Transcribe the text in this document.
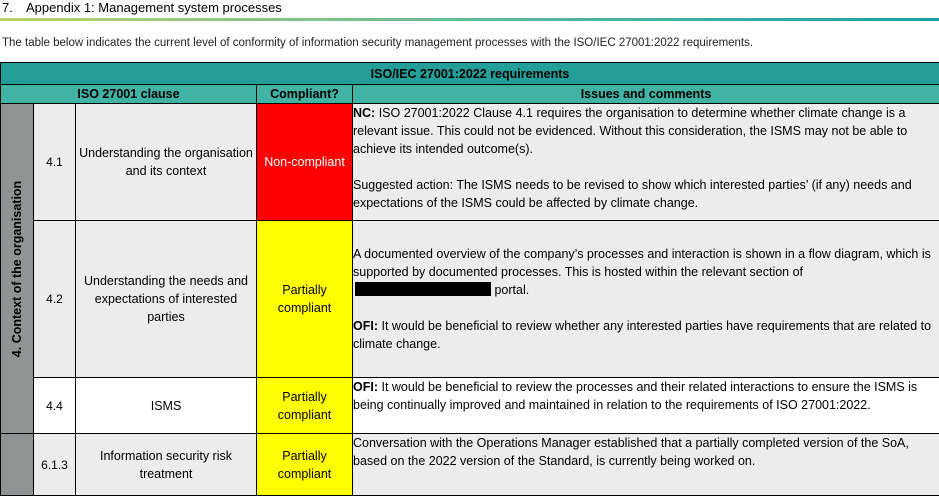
7. Appendix 1: Management system processes
The table below indicates the current level of conformity of information security management processes with the ISO/IEC 27001:2022 requirements.
ISO/IEC 27001:2022 requirements				
ISO 27001 clause			Compliant?	Issues and comments

4. Context of the organisation	4.1	Understanding the organisation and its context	Non-compliant	NC: ISO 27001:2022 Clause 4.1 requires the organisation to determine whether climate change is a relevant issue. This could not be evidenced. Without this consideration, the ISMS may not be able to achieve its intended outcome(s).

Suggested action: The ISMS needs to be revised to show which interested parties’ (if any) needs and expectations of the ISMS could be affected by climate change.

	4.2	Understanding the needs and expectations of interested parties	Partially compliant	A documented overview of the company’s processes and interaction is shown in a flow diagram, which is supported by documented processes. This is hosted within the relevant section of
portal.

OFI: It would be beneficial to review whether any interested parties have requirements that are related to climate change.

	4.4	ISMS	Partially compliant	OFI: It would be beneficial to review the processes and their related interactions to ensure the ISMS is being continually improved and maintained in relation to the requirements of ISO 27001:2022.

	6.1.3	Information security risk treatment	Partially compliant	Conversation with the Operations Manager established that a partially completed version of the SoA, based on the 2022 version of the Standard, is currently being worked on.
